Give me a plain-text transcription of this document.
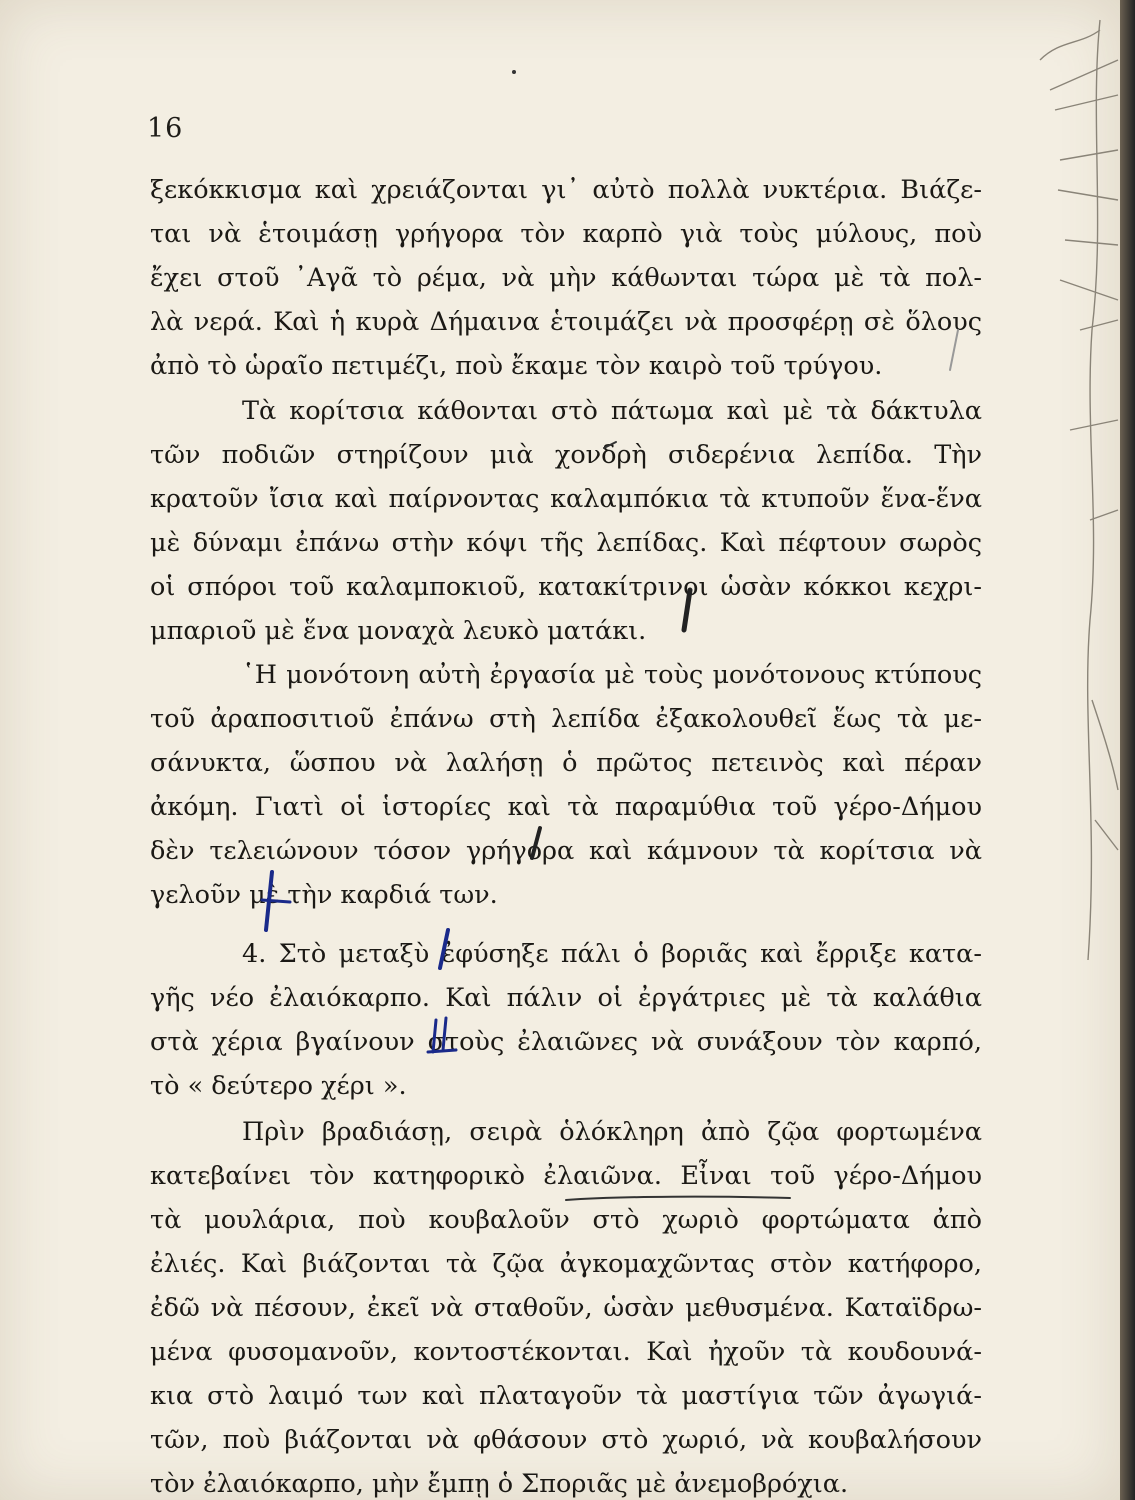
16
ξεκόκκισμα καὶ χρειάζονται γι᾽ αὐτὸ πολλὰ νυκτέρια. Βιάζε-
ται νὰ ἑτοιμάσῃ γρήγορα τὸν καρπὸ γιὰ τοὺς μύλους, ποὺ
ἔχει στοῦ ᾽Αγᾶ τὸ ρέμα, νὰ μὴν κάθωνται τώρα μὲ τὰ πολ-
λὰ νερά. Καὶ ἡ κυρὰ Δήμαινα ἑτοιμάζει νὰ προσφέρῃ σὲ ὅλους
ἀπὸ τὸ ὡραῖο πετιμέζι, ποὺ ἔκαμε τὸν καιρὸ τοῦ τρύγου.
Τὰ κορίτσια κάθονται στὸ πάτωμα καὶ μὲ τὰ δάκτυλα
τῶν ποδιῶν στηρίζουν μιὰ χονδρὴ σιδερένια λεπίδα. Τὴν
κρατοῦν ἴσια καὶ παίρνοντας καλαμπόκια τὰ κτυποῦν ἕνα-ἕνα
μὲ δύναμι ἐπάνω στὴν κόψι τῆς λεπίδας. Καὶ πέφτουν σωρὸς
οἱ σπόροι τοῦ καλαμποκιοῦ, κατακίτρινοι ὡσὰν κόκκοι κεχρι-
μπαριοῦ μὲ ἕνα μοναχὰ λευκὸ ματάκι.
῾Η μονότονη αὐτὴ ἐργασία μὲ τοὺς μονότονους κτύπους
τοῦ ἀραποσιτιοῦ ἐπάνω στὴ λεπίδα ἐξακολουθεῖ ἕως τὰ με-
σάνυκτα, ὥσπου νὰ λαλήσῃ ὁ πρῶτος πετεινὸς καὶ πέραν
ἀκόμη. Γιατὶ οἱ ἱστορίες καὶ τὰ παραμύθια τοῦ γέρο-Δήμου
δὲν τελειώνουν τόσον γρήγορα καὶ κάμνουν τὰ κορίτσια νὰ
γελοῦν μὲ τὴν καρδιά των.
4. Στὸ μεταξὺ ἐφύσηξε πάλι ὁ βοριᾶς καὶ ἔρριξε κατα-
γῆς νέο ἐλαιόκαρπο. Καὶ πάλιν οἱ ἐργάτριες μὲ τὰ καλάθια
στὰ χέρια βγαίνουν στοὺς ἐλαιῶνες νὰ συνάξουν τὸν καρπό,
τὸ « δεύτερο χέρι ».
Πρὶν βραδιάσῃ, σειρὰ ὁλόκληρη ἀπὸ ζῷα φορτωμένα
κατεβαίνει τὸν κατηφορικὸ ἐλαιῶνα. Εἶναι τοῦ γέρο-Δήμου
τὰ μουλάρια, ποὺ κουβαλοῦν στὸ χωριὸ φορτώματα ἀπὸ
ἐλιές. Καὶ βιάζονται τὰ ζῷα ἀγκομαχῶντας στὸν κατήφορο,
ἐδῶ νὰ πέσουν, ἐκεῖ νὰ σταθοῦν, ὡσὰν μεθυσμένα. Καταϊδρω-
μένα φυσομανοῦν, κοντοστέκονται. Καὶ ἠχοῦν τὰ κουδουνά-
κια στὸ λαιμό των καὶ πλαταγοῦν τὰ μαστίγια τῶν ἀγωγιά-
τῶν, ποὺ βιάζονται νὰ φθάσουν στὸ χωριό, νὰ κουβαλήσουν
τὸν ἐλαιόκαρπο, μὴν ἔμπῃ ὁ Σποριᾶς μὲ ἀνεμοβρόχια.
